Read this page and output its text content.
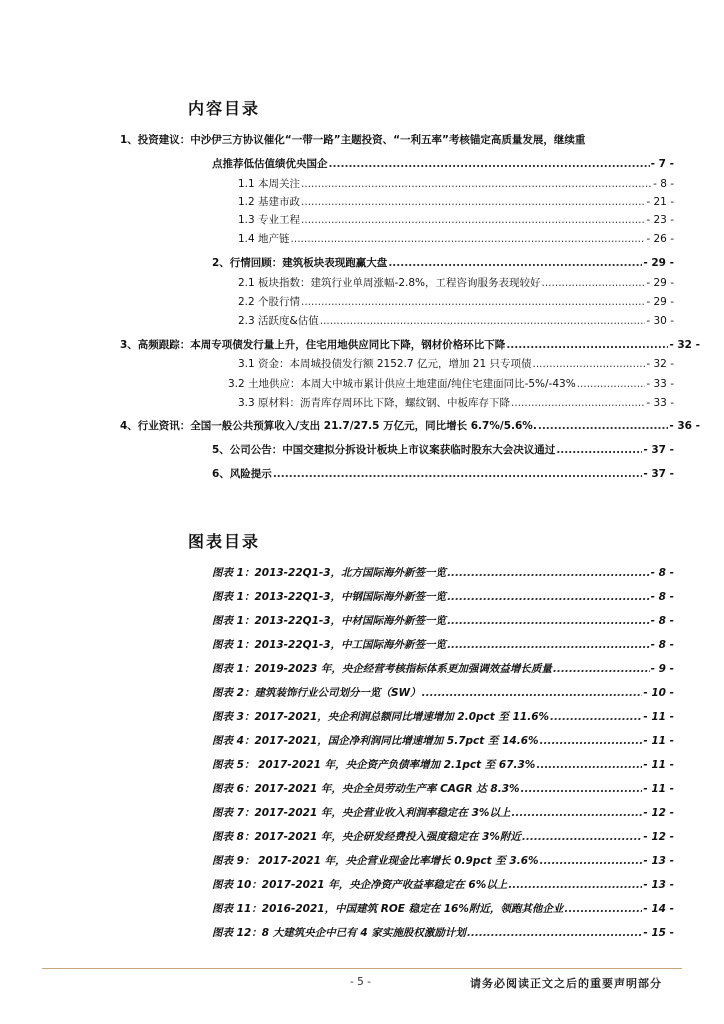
内容目录
1、投资建议：中沙伊三方协议催化“一带一路”主题投资、“一利五率”考核锚定高质量发展，继续重
点推荐低估值绩优央国企 .....	- 7 -
1.1 本周关注 .....	- 8 -
1.2 基建市政 .....	- 21 -
1.3 专业工程 .....	- 23 -
1.4 地产链 .....	- 26 -
2、行情回顾：建筑板块表现跑赢大盘 .....	- 29 -
2.1 板块指数：建筑行业单周涨幅-2.8%，工程咨询服务表现较好 .....	- 29 -
2.2 个股行情 .....	- 29 -
2.3 活跃度&估值 .....	- 30 -
3、高频跟踪：本周专项债发行量上升，住宅用地供应同比下降，钢材价格环比下降 .....	- 32 -
3.1 资金：本周城投债发行额 2152.7 亿元，增加 21 只专项债 .....	- 32 -
3.2 土地供应：本周大中城市累计供应土地建面/纯住宅建面同比-5%/-43% .....	- 33 -
3.3 原材料：沥青库存周环比下降，螺纹钢、中板库存下降 .....	- 33 -
4、行业资讯：全国一般公共预算收入/支出 21.7/27.5 万亿元，同比增长 6.7%/5.6%. .....	- 36 -
5、公司公告：中国交建拟分拆设计板块上市议案获临时股东大会决议通过 .....	- 37 -
6、风险提示 .....	- 37 -
图表目录
图表 1：2013-22Q1-3，北方国际海外新签一览 .....	- 8 -
图表 1：2013-22Q1-3，中钢国际海外新签一览 .....	- 8 -
图表 1：2013-22Q1-3，中材国际海外新签一览 .....	- 8 -
图表 1：2013-22Q1-3，中工国际海外新签一览 .....	- 8 -
图表 1：2019-2023 年，央企经营考核指标体系更加强调效益增长质量 .....	- 9 -
图表 2：建筑装饰行业公司划分一览（SW） .....	- 10 -
图表 3：2017-2021，央企利润总额同比增速增加 2.0pct 至 11.6% .....	- 11 -
图表 4：2017-2021，国企净利润同比增速增加 5.7pct 至 14.6% .....	- 11 -
图表 5： 2017-2021 年，央企资产负债率增加 2.1pct 至 67.3% .....	- 11 -
图表 6：2017-2021 年，央企全员劳动生产率 CAGR 达 8.3% .....	- 11 -
图表 7：2017-2021 年，央企营业收入利润率稳定在 3%以上 .....	- 12 -
图表 8：2017-2021 年，央企研发经费投入强度稳定在 3%附近 .....	- 12 -
图表 9： 2017-2021 年，央企营业现金比率增长 0.9pct 至 3.6% .....	- 13 -
图表 10：2017-2021 年，央企净资产收益率稳定在 6%以上 .....	- 13 -
图表 11：2016-2021，中国建筑 ROE 稳定在 16%附近，领跑其他企业 .....	- 14 -
图表 12：8 大建筑央企中已有 4 家实施股权激励计划 .....	- 15 -
- 5 -	请务必阅读正文之后的重要声明部分
